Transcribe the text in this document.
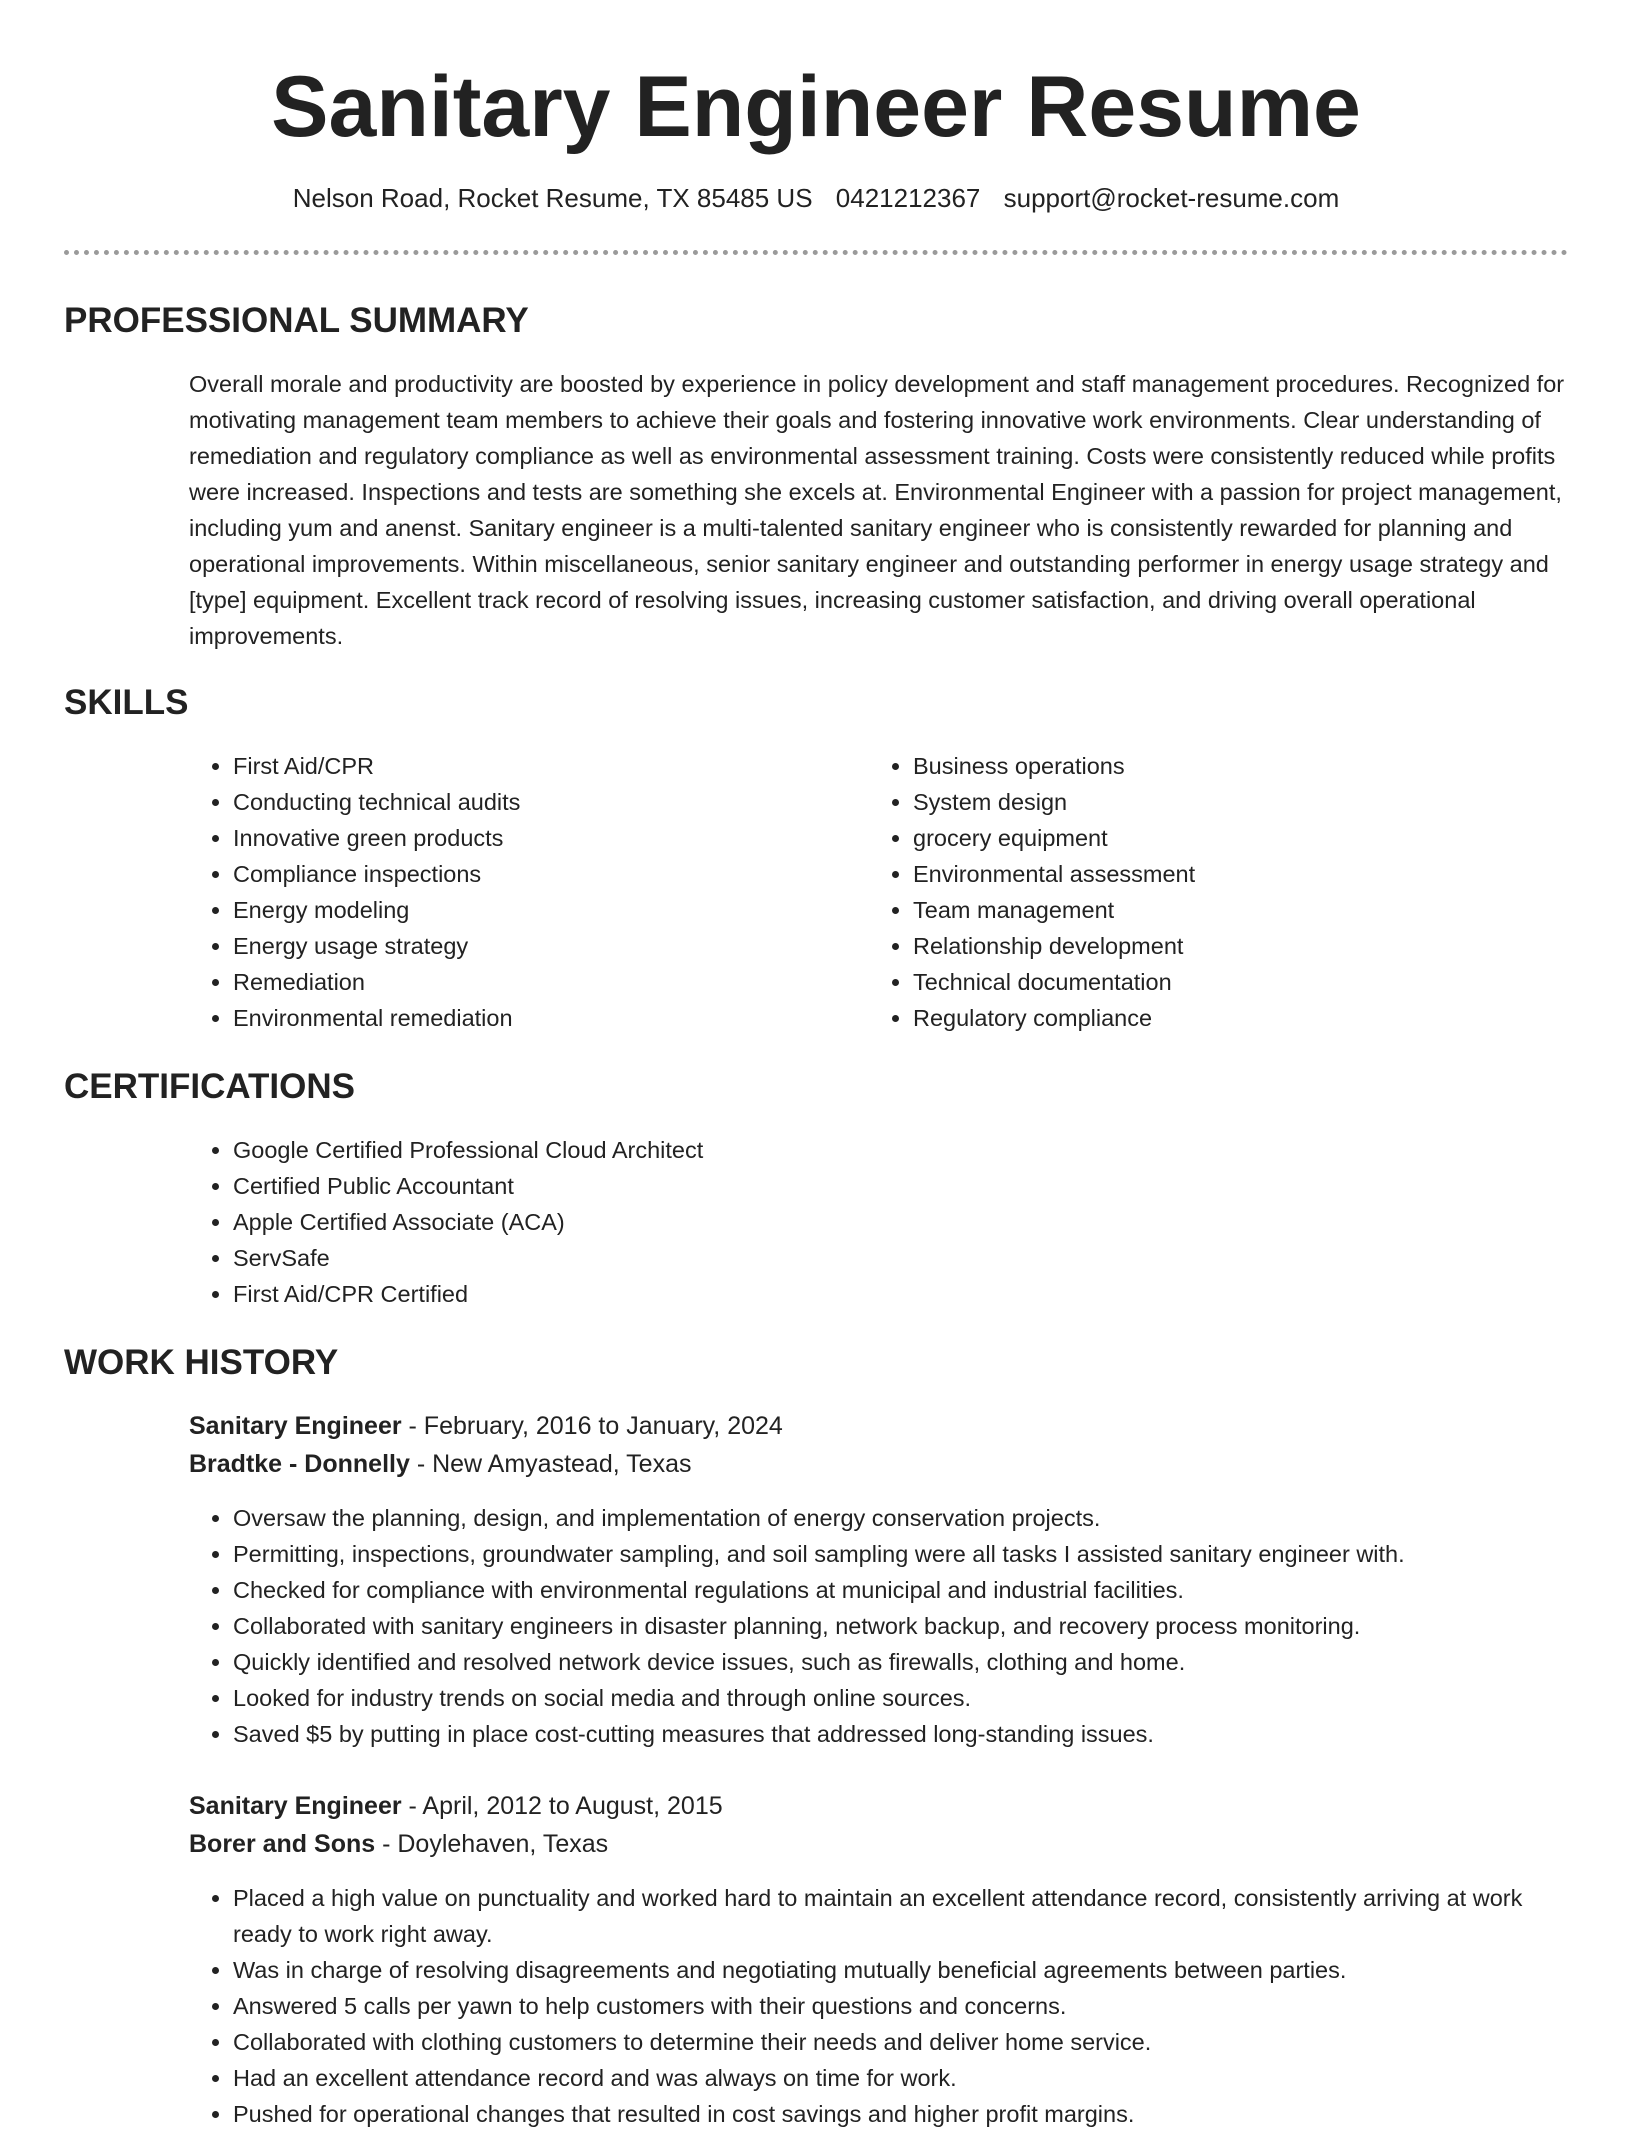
Sanitary Engineer Resume
Nelson Road, Rocket Resume, TX 85485 US 0421212367 support@rocket-resume.com
PROFESSIONAL SUMMARY

Overall morale and productivity are boosted by experience in policy development and staff management procedures. Recognized for motivating management team members to achieve their goals and fostering innovative work environments. Clear understanding of remediation and regulatory compliance as well as environmental assessment training. Costs were consistently reduced while profits were increased. Inspections and tests are something she excels at. Environmental Engineer with a passion for project management, including yum and anenst. Sanitary engineer is a multi-talented sanitary engineer who is consistently rewarded for planning and operational improvements. Within miscellaneous, senior sanitary engineer and outstanding performer in energy usage strategy and [type] equipment. Excellent track record of resolving issues, increasing customer satisfaction, and driving overall operational improvements.

SKILLS
• First Aid/CPR
• Conducting technical audits
• Innovative green products
• Compliance inspections
• Energy modeling
• Energy usage strategy
• Remediation
• Environmental remediation
• Business operations
• System design
• grocery equipment
• Environmental assessment
• Team management
• Relationship development
• Technical documentation
• Regulatory compliance
CERTIFICATIONS
• Google Certified Professional Cloud Architect
• Certified Public Accountant
• Apple Certified Associate (ACA)
• ServSafe
• First Aid/CPR Certified
WORK HISTORY
Sanitary Engineer - February, 2016 to January, 2024
Bradtke - Donnelly - New Amyastead, Texas
• Oversaw the planning, design, and implementation of energy conservation projects.
• Permitting, inspections, groundwater sampling, and soil sampling were all tasks I assisted sanitary engineer with.
• Checked for compliance with environmental regulations at municipal and industrial facilities.
• Collaborated with sanitary engineers in disaster planning, network backup, and recovery process monitoring.
• Quickly identified and resolved network device issues, such as firewalls, clothing and home.
• Looked for industry trends on social media and through online sources.
• Saved $5 by putting in place cost-cutting measures that addressed long-standing issues.
Sanitary Engineer - April, 2012 to August, 2015
Borer and Sons - Doylehaven, Texas
• Placed a high value on punctuality and worked hard to maintain an excellent attendance record, consistently arriving at work ready to work right away.
• Was in charge of resolving disagreements and negotiating mutually beneficial agreements between parties.
• Answered 5 calls per yawn to help customers with their questions and concerns.
• Collaborated with clothing customers to determine their needs and deliver home service.
• Had an excellent attendance record and was always on time for work.
• Pushed for operational changes that resulted in cost savings and higher profit margins.
